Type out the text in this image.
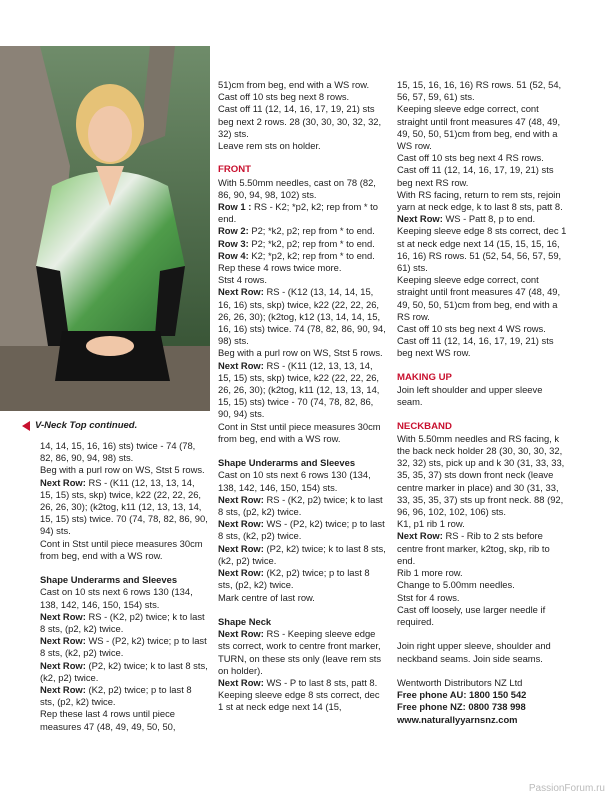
V-Neck Top continued.

14, 14, 15, 16, 16) sts) twice - 74 (78, 82, 86, 90, 94, 98) sts.

Beg with a purl row on WS, Stst 5 rows.

Next Row: RS - (K11 (12, 13, 13, 14, 15, 15) sts, skp) twice, k22 (22, 22, 26, 26, 26, 30); (k2tog, k11 (12, 13, 13, 14, 15, 15) sts) twice. 70 (74, 78, 82, 86, 90, 94) sts.

Cont in Stst until piece measures 30cm from beg, end with a WS row.

Shape Underarms and Sleeves

Cast on 10 sts next 6 rows 130 (134, 138, 142, 146, 150, 154) sts.

Next Row: RS - (K2, p2) twice; k to last 8 sts, (p2, k2) twice.

Next Row: WS - (P2, k2) twice; p to last 8 sts, (k2, p2) twice.

Next Row: (P2, k2) twice; k to last 8 sts, (k2, p2) twice.

Next Row: (K2, p2) twice; p to last 8 sts, (p2, k2) twice.

Rep these last 4 rows until piece measures 47 (48, 49, 49, 50, 50,

51)cm from beg, end with a WS row.

Cast off 10 sts beg next 8 rows.

Cast off 11 (12, 14, 16, 17, 19, 21) sts beg next 2 rows. 28 (30, 30, 30, 32, 32, 32) sts.

Leave rem sts on holder.

FRONT

With 5.50mm needles, cast on 78 (82, 86, 90, 94, 98, 102) sts.

Row 1 : RS - K2; *p2, k2; rep from * to end.

Row 2: P2; *k2, p2; rep from * to end.

Row 3: P2; *k2, p2; rep from * to end.

Row 4: K2; *p2, k2; rep from * to end.

Rep these 4 rows twice more.

Stst 4 rows.

Next Row: RS - (K12 (13, 14, 14, 15, 16, 16) sts, skp) twice, k22 (22, 22, 26, 26, 26, 30); (k2tog, k12 (13, 14, 14, 15, 16, 16) sts) twice. 74 (78, 82, 86, 90, 94, 98) sts.

Beg with a purl row on WS, Stst 5 rows.

Next Row: RS - (K11 (12, 13, 13, 14, 15, 15) sts, skp) twice, k22 (22, 22, 26, 26, 26, 30); (k2tog, k11 (12, 13, 13, 14, 15, 15) sts) twice - 70 (74, 78, 82, 86, 90, 94) sts.

Cont in Stst until piece measures 30cm from beg, end with a WS row.

Shape Underarms and Sleeves

Cast on 10 sts next 6 rows 130 (134, 138, 142, 146, 150, 154) sts.

Next Row: RS - (K2, p2) twice; k to last 8 sts, (p2, k2) twice.

Next Row: WS - (P2, k2) twice; p to last 8 sts, (k2, p2) twice.

Next Row: (P2, k2) twice; k to last 8 sts, (k2, p2) twice.

Next Row: (K2, p2) twice; p to last 8 sts, (p2, k2) twice.

Mark centre of last row.

Shape Neck

Next Row: RS - Keeping sleeve edge sts correct, work to centre front marker, TURN, on these sts only (leave rem sts on holder).

Next Row: WS - P to last 8 sts, patt 8.

Keeping sleeve edge 8 sts correct, dec 1 st at neck edge next 14 (15,

15, 15, 16, 16, 16) RS rows. 51 (52, 54, 56, 57, 59, 61) sts.

Keeping sleeve edge correct, cont straight until front measures 47 (48, 49, 49, 50, 50, 51)cm from beg, end with a WS row.

Cast off 10 sts beg next 4 RS rows.

Cast off 11 (12, 14, 16, 17, 19, 21) sts beg next RS row.

With RS facing, return to rem sts, rejoin yarn at neck edge, k to last 8 sts, patt 8.

Next Row: WS - Patt 8, p to end.

Keeping sleeve edge 8 sts correct, dec 1 st at neck edge next 14 (15, 15, 15, 16, 16, 16) RS rows. 51 (52, 54, 56, 57, 59, 61) sts.

Keeping sleeve edge correct, cont straight until front measures 47 (48, 49, 49, 50, 50, 51)cm from beg, end with a RS row.

Cast off 10 sts beg next 4 WS rows.

Cast off 11 (12, 14, 16, 17, 19, 21) sts beg next WS row.

MAKING UP

Join left shoulder and upper sleeve seam.

NECKBAND

With 5.50mm needles and RS facing, k the back neck holder 28 (30, 30, 30, 32, 32, 32) sts, pick up and k 30 (31, 33, 33, 35, 35, 37) sts down front neck (leave centre marker in place) and 30 (31, 33, 33, 35, 35, 37) sts up front neck. 88 (92, 96, 96, 102, 102, 106) sts.

K1, p1 rib 1 row.

Next Row: RS - Rib to 2 sts before centre front marker, k2tog, skp, rib to end.

Rib 1 more row.

Change to 5.00mm needles.

Stst for 4 rows.

Cast off loosely, use larger needle if required.

Join right upper sleeve, shoulder and neckband seams. Join side seams.

Wentworth Distributors NZ Ltd

Free phone AU: 1800 150 542

Free phone NZ: 0800 738 998

www.naturallyyarnsnz.com

PassionForum.ru
